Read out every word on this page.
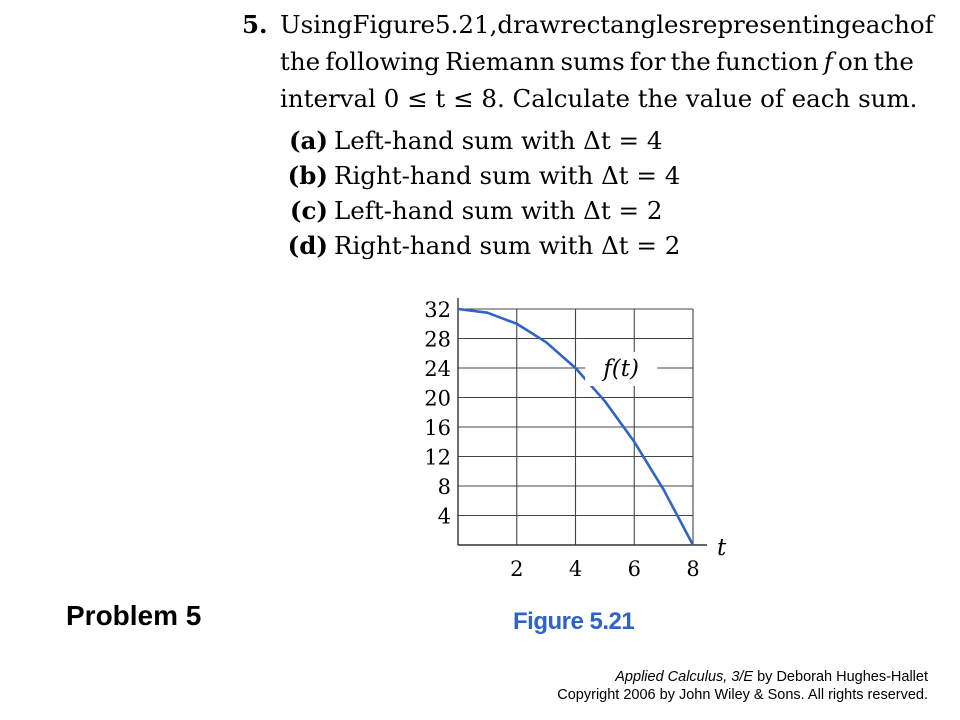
5. Using Figure 5.21, draw rectangles representing each of
the following Riemann sums for the function f on the
interval 0 ≤ t ≤ 8. Calculate the value of each sum.
(a) Left-hand sum with Δt = 4
(b) Right-hand sum with Δt = 4
(c) Left-hand sum with Δt = 2
(d) Right-hand sum with Δt = 2
4
8
12
16
20
24
28
32
2 4 6 8
f(t)
t
Problem 5	Figure 5.21
Applied Calculus, 3/E by Deborah Hughes-Hallet
Copyright 2006 by John Wiley & Sons. All rights reserved.
